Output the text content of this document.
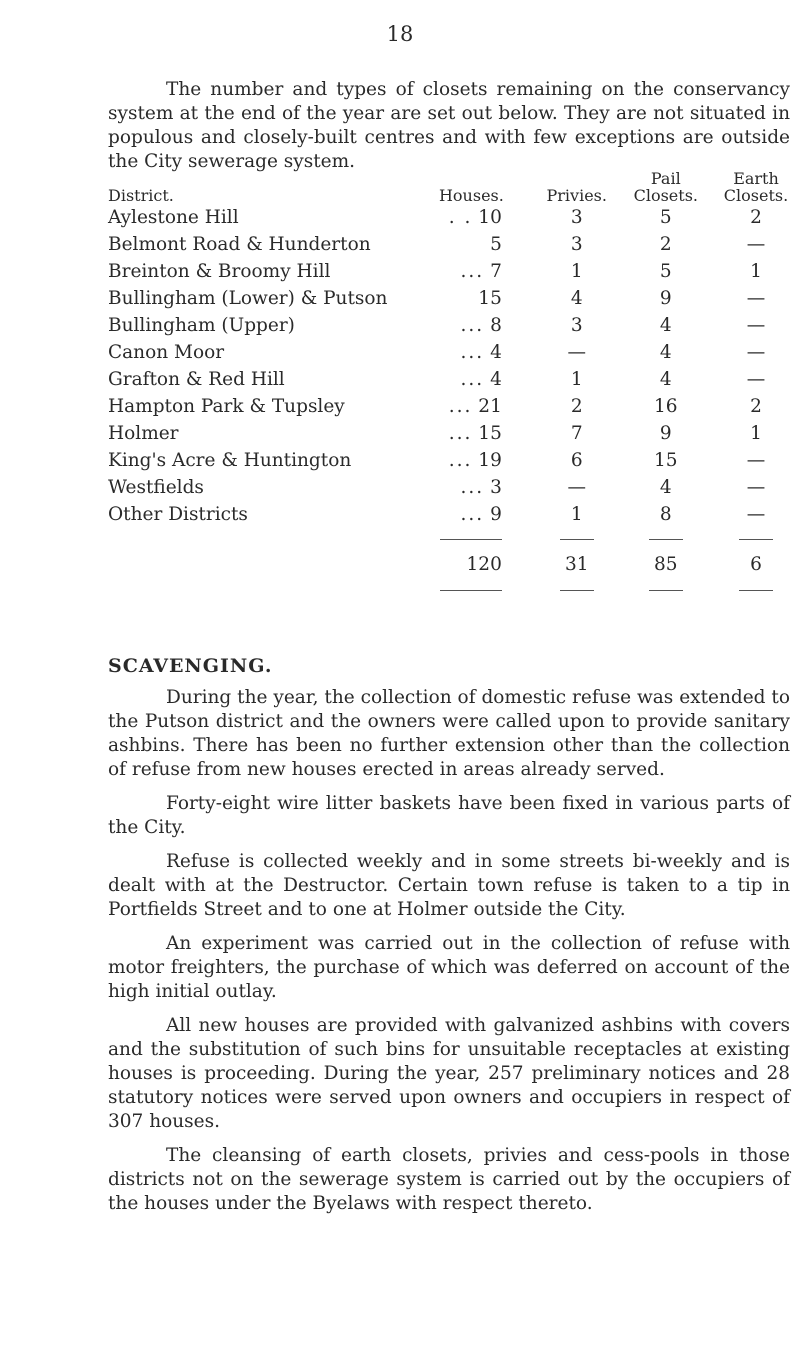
18

The number and types of closets remaining on the conservancy system at the end of the year are set out below. They are not situated in populous and closely-built centres and with few exceptions are outside the City sewerage system.

District.	Houses.	Privies.	Pail Closets.	Earth Closets.
Aylestone Hill	. . 10	3	5	2
Belmont Road & Hunderton	5	3	2	—
Breinton & Broomy Hill	... 7	1	5	1
Bullingham (Lower) & Putson	15	4	9	—
Bullingham (Upper)	... 8	3	4	—
Canon Moor	... 4	—	4	—
Grafton & Red Hill	... 4	1	4	—
Hampton Park & Tupsley	... 21	2	16	2
Holmer	... 15	7	9	1
King's Acre & Huntington	... 19	6	15	—
Westfields	... 3	—	4	—
Other Districts	... 9	1	8	—

	120	31	85	6

SCAVENGING.

During the year, the collection of domestic refuse was extended to the Putson district and the owners were called upon to provide sanitary ashbins. There has been no further extension other than the collection of refuse from new houses erected in areas already served.

Forty-eight wire litter baskets have been fixed in various parts of the City.

Refuse is collected weekly and in some streets bi-weekly and is dealt with at the Destructor. Certain town refuse is taken to a tip in Portfields Street and to one at Holmer outside the City.

An experiment was carried out in the collection of refuse with motor freighters, the purchase of which was deferred on account of the high initial outlay.

All new houses are provided with galvanized ashbins with covers and the substitution of such bins for unsuitable receptacles at existing houses is proceeding. During the year, 257 preliminary notices and 28 statutory notices were served upon owners and occupiers in respect of 307 houses.

The cleansing of earth closets, privies and cess-pools in those districts not on the sewerage system is carried out by the occupiers of the houses under the Byelaws with respect thereto.
